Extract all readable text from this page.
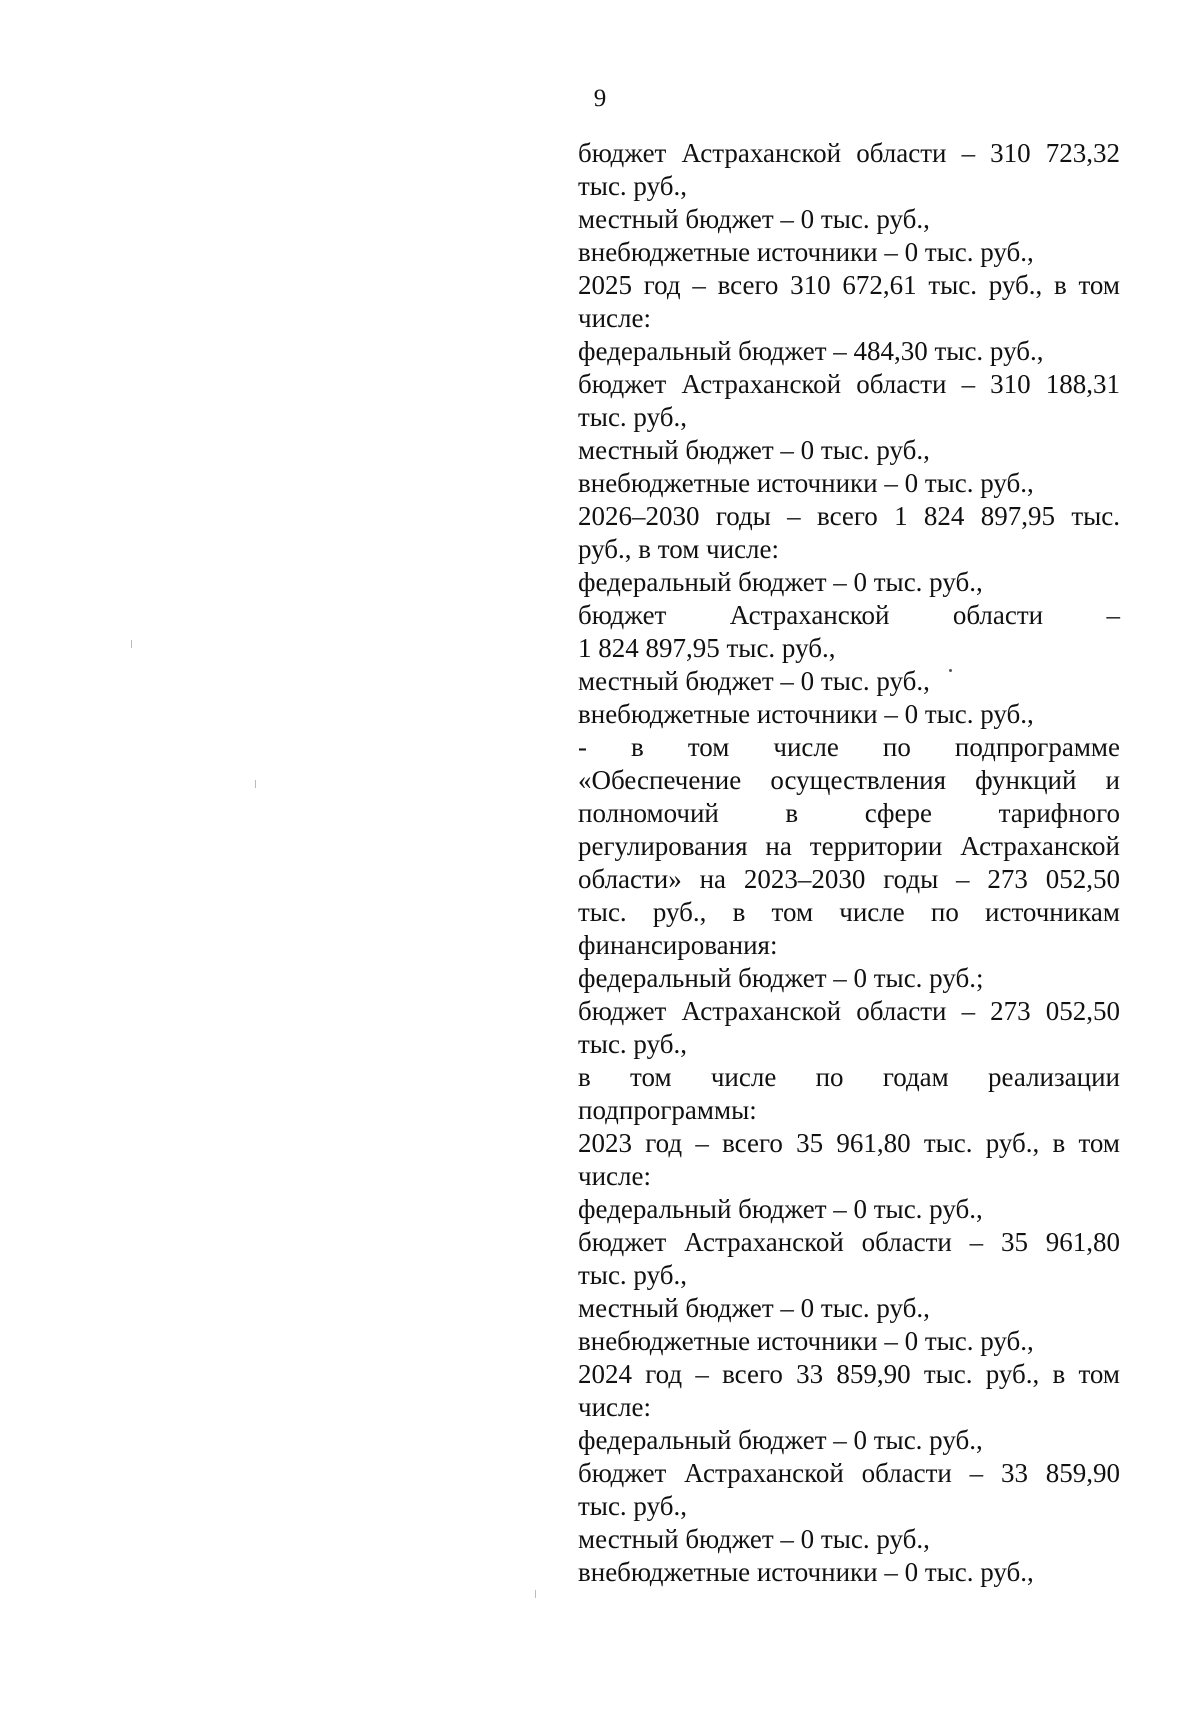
9
бюджет Астраханской области – 310 723,32
тыс. руб.,
местный бюджет – 0 тыс. руб.,
внебюджетные источники – 0 тыс. руб.,
2025 год – всего 310 672,61 тыс. руб., в том
числе:
федеральный бюджет – 484,30 тыс. руб.,
бюджет Астраханской области – 310 188,31
тыс. руб.,
местный бюджет – 0 тыс. руб.,
внебюджетные источники – 0 тыс. руб.,
2026–2030 годы – всего 1 824 897,95 тыс.
руб., в том числе:
федеральный бюджет – 0 тыс. руб.,
бюджет Астраханской области –
1 824 897,95 тыс. руб.,
местный бюджет – 0 тыс. руб.,
внебюджетные источники – 0 тыс. руб.,
- в том числе по подпрограмме
«Обеспечение осуществления функций и
полномочий в сфере тарифного
регулирования на территории Астраханской
области» на 2023–2030 годы – 273 052,50
тыс. руб., в том числе по источникам
финансирования:
федеральный бюджет – 0 тыс. руб.;
бюджет Астраханской области – 273 052,50
тыс. руб.,
в том числе по годам реализации
подпрограммы:
2023 год – всего 35 961,80 тыс. руб., в том
числе:
федеральный бюджет – 0 тыс. руб.,
бюджет Астраханской области – 35 961,80
тыс. руб.,
местный бюджет – 0 тыс. руб.,
внебюджетные источники – 0 тыс. руб.,
2024 год – всего 33 859,90 тыс. руб., в том
числе:
федеральный бюджет – 0 тыс. руб.,
бюджет Астраханской области – 33 859,90
тыс. руб.,
местный бюджет – 0 тыс. руб.,
внебюджетные источники – 0 тыс. руб.,
